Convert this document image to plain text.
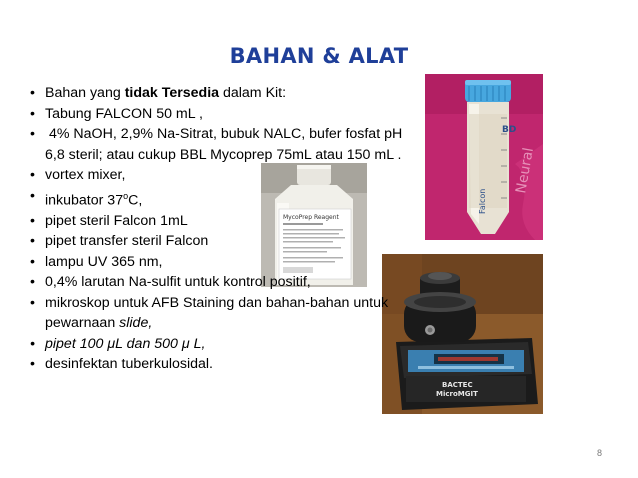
Neural
BD
Falcon
MycoPrep Reagent
BACTEC
MicroMGIT
BAHAN & ALAT
• Bahan yang tidak Tersedia dalam Kit:
• Tabung FALCON 50 mL ,
•  4% NaOH, 2,9% Na-Sitrat, bubuk NALC, bufer fosfat pH 6,8 steril; atau cukup BBL Mycoprep 75mL atau 150 mL .
• vortex mixer,
• inkubator 37$^o$C,
• pipet steril Falcon 1mL
• pipet transfer steril Falcon
• lampu UV 365 nm,
• 0,4% larutan Na-sulfit untuk kontrol positif,
• mikroskop untuk AFB Staining dan bahan-bahan untuk pewarnaan slide,
• pipet 100 μL dan 500 μ L,
• desinfektan tuberkulosidal.
8
